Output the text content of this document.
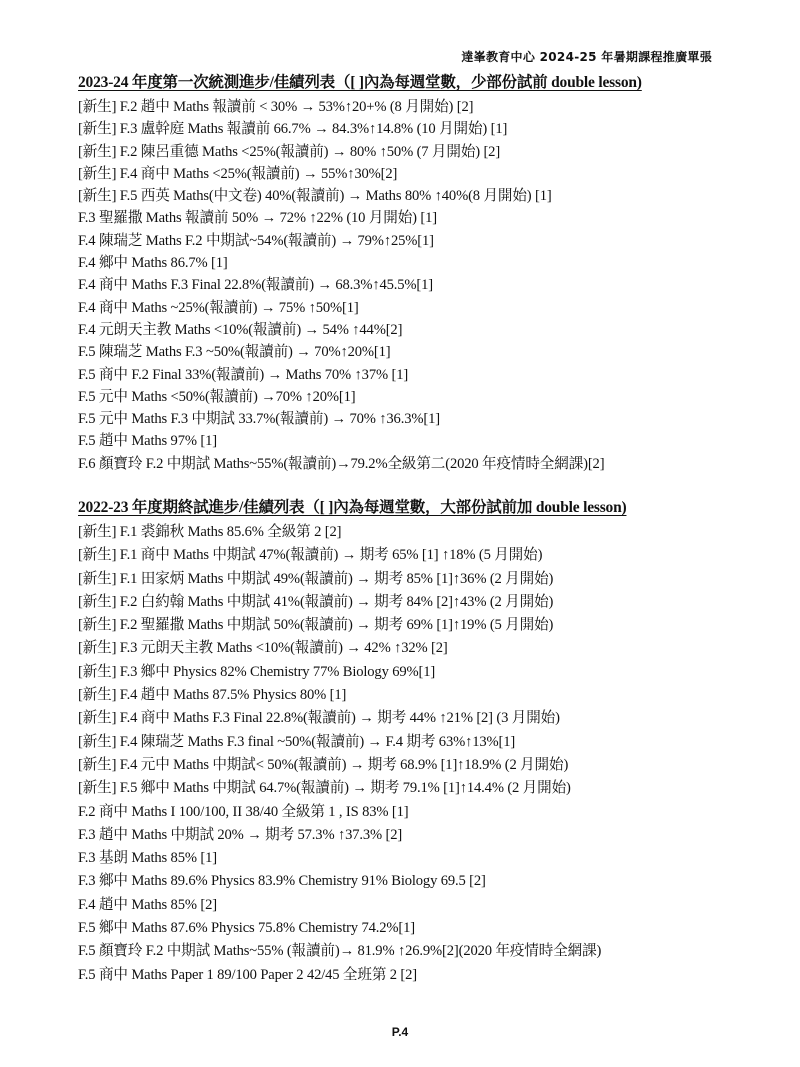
達峯教育中心 2024-25 年暑期課程推廣單張
2023-24 年度第一次統測進步/佳績列表（[ ]內為每週堂數，少部份試前 double lesson)
[新生] F.2 趙中 Maths 報讀前 < 30% → 53%↑20+% (8 月開始) [2]
[新生] F.3 盧幹庭 Maths 報讀前 66.7% → 84.3%↑14.8% (10 月開始) [1]
[新生] F.2 陳呂重德 Maths <25%(報讀前) → 80% ↑50% (7 月開始) [2]
[新生] F.4 商中 Maths <25%(報讀前) → 55%↑30%[2]
[新生] F.5 西英 Maths(中文卷) 40%(報讀前) → Maths 80% ↑40%(8 月開始) [1]
F.3 聖羅撒 Maths 報讀前 50% → 72% ↑22% (10 月開始) [1]
F.4 陳瑞芝 Maths F.2 中期試~54%(報讀前) → 79%↑25%[1]
F.4 鄉中 Maths 86.7% [1]
F.4 商中 Maths F.3 Final 22.8%(報讀前) → 68.3%↑45.5%[1]
F.4 商中 Maths ~25%(報讀前) → 75% ↑50%[1]
F.4 元朗天主教 Maths <10%(報讀前) → 54% ↑44%[2]
F.5 陳瑞芝 Maths F.3 ~50%(報讀前) → 70%↑20%[1]
F.5 商中 F.2 Final 33%(報讀前) → Maths 70% ↑37% [1]
F.5 元中 Maths <50%(報讀前) →70% ↑20%[1]
F.5 元中 Maths F.3 中期試 33.7%(報讀前) → 70% ↑36.3%[1]
F.5 趙中 Maths 97% [1]
F.6 顏寶玲 F.2 中期試 Maths~55%(報讀前)→79.2%全級第二(2020 年疫情時全網課)[2]
2022-23 年度期終試進步/佳績列表（[ ]內為每週堂數，大部份試前加 double lesson)
[新生] F.1 裘錦秋 Maths 85.6% 全級第 2 [2]
[新生] F.1 商中 Maths 中期試 47%(報讀前) → 期考 65% [1] ↑18% (5 月開始)
[新生] F.1 田家炳 Maths 中期試 49%(報讀前) → 期考 85% [1]↑36% (2 月開始)
[新生] F.2 白約翰 Maths 中期試 41%(報讀前) → 期考 84% [2]↑43% (2 月開始)
[新生] F.2 聖羅撒 Maths 中期試 50%(報讀前) → 期考 69% [1]↑19% (5 月開始)
[新生] F.3 元朗天主教 Maths <10%(報讀前) → 42% ↑32% [2]
[新生] F.3 鄉中 Physics 82% Chemistry 77% Biology 69%[1]
[新生] F.4 趙中 Maths 87.5% Physics 80% [1]
[新生] F.4 商中 Maths F.3 Final 22.8%(報讀前) → 期考 44% ↑21% [2] (3 月開始)
[新生] F.4 陳瑞芝 Maths F.3 final ~50%(報讀前) → F.4 期考 63%↑13%[1]
[新生] F.4 元中 Maths 中期試< 50%(報讀前) → 期考 68.9% [1]↑18.9% (2 月開始)
[新生] F.5 鄉中 Maths 中期試 64.7%(報讀前) → 期考 79.1% [1]↑14.4% (2 月開始)
F.2 商中 Maths I 100/100, II 38/40 全級第 1 , IS 83% [1]
F.3 趙中 Maths 中期試 20% → 期考 57.3% ↑37.3% [2]
F.3 基朗 Maths 85% [1]
F.3 鄉中 Maths 89.6% Physics 83.9% Chemistry 91% Biology 69.5 [2]
F.4 趙中 Maths 85% [2]
F.5 鄉中 Maths 87.6% Physics 75.8% Chemistry 74.2%[1]
F.5 顏寶玲 F.2 中期試 Maths~55% (報讀前)→ 81.9% ↑26.9%[2](2020 年疫情時全網課)
F.5 商中 Maths Paper 1 89/100 Paper 2 42/45 全班第 2 [2]
P.4
